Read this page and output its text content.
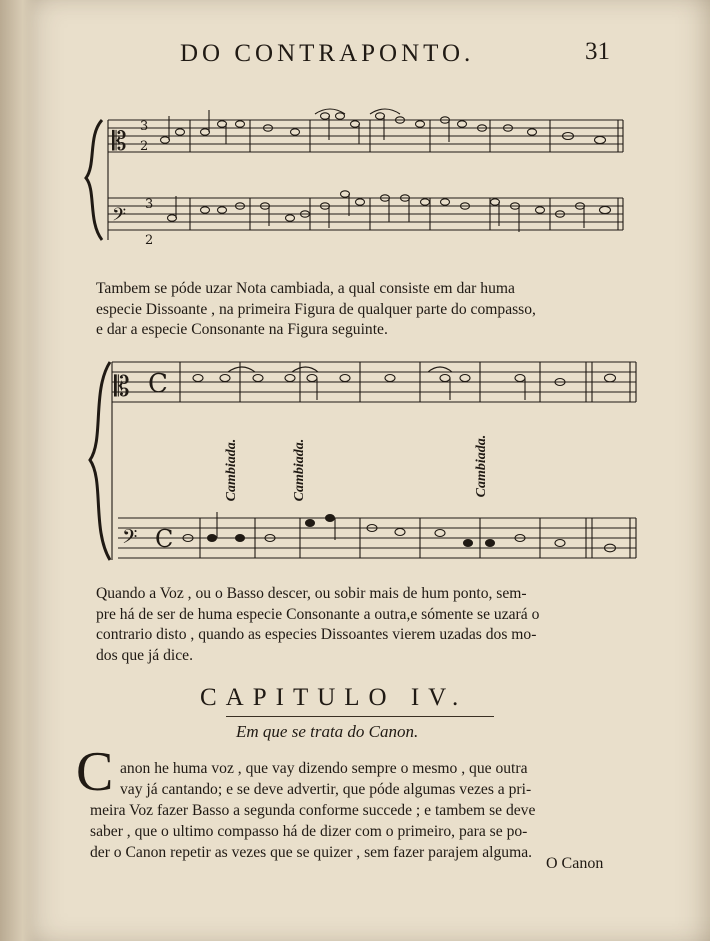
DO CONTRAPONTO.	31
𝄡
3
2
𝄢
3
2
𝄡 C
𝄢 C
Cambiada.	Cambiada.	Cambiada.
Tambem se póde uzar Nota cambiada, a qual consiste em dar huma
especie Dissoante , na primeira Figura de qualquer parte do compasso,
e dar a especie Consonante na Figura seguinte.
Quando a Voz , ou o Basso descer, ou sobir mais de hum ponto, sem-
pre há de ser de huma especie Consonante a outra,e sómente se uzará o
contrario disto , quando as especies Dissoantes vierem uzadas dos mo-
dos que já dice.
CAPITULO IV.
Em que se trata do Canon.
C anon he huma voz , que vay dizendo sempre o mesmo , que outra
vay já cantando; e se deve advertir, que póde algumas vezes a pri-
meira Voz fazer Basso a segunda conforme succede ; e tambem se deve
saber , que o ultimo compasso há de dizer com o primeiro, para se po-
der o Canon repetir as vezes que se quizer , sem fazer parajem alguma.
O Canon
